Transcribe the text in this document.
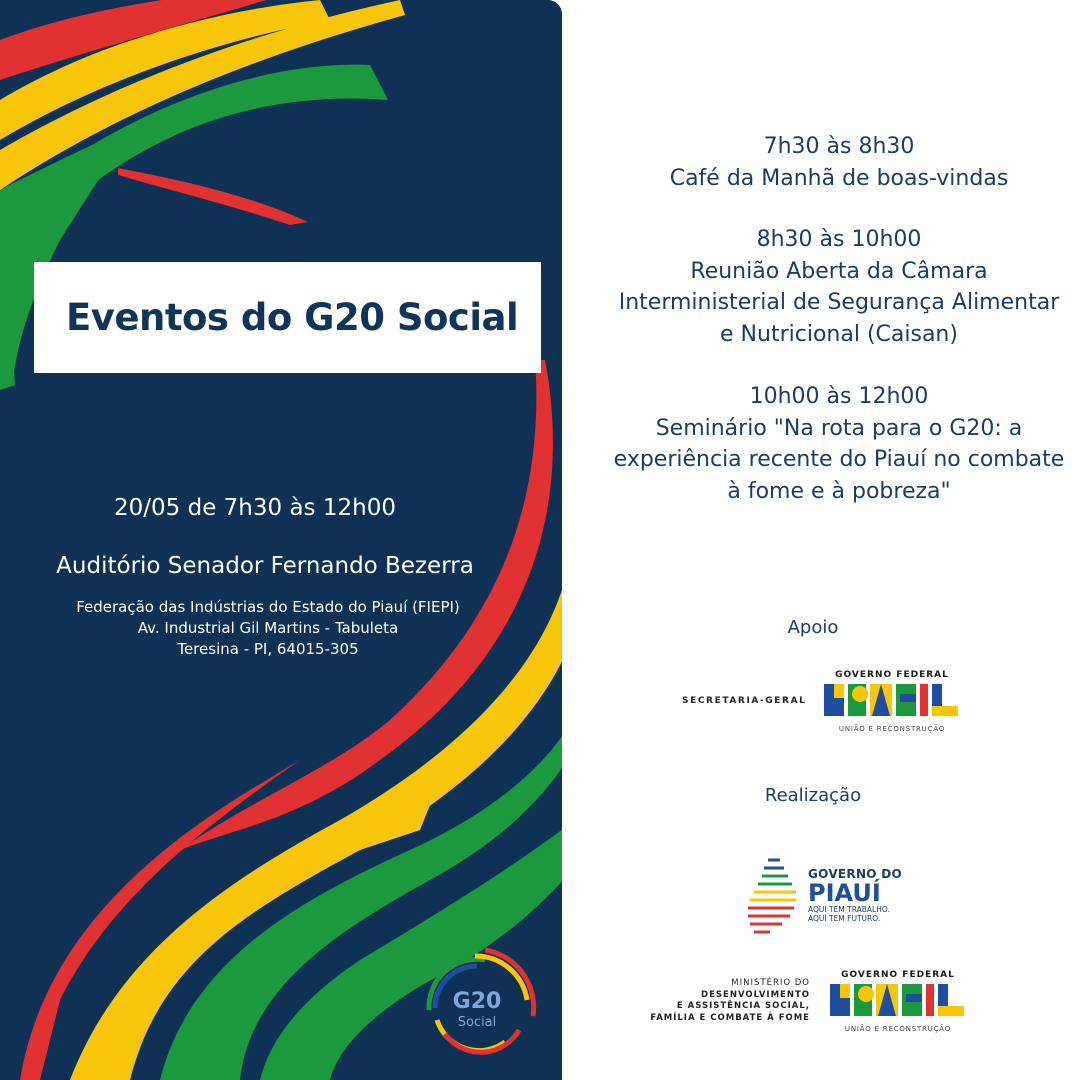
Eventos do G20 Social
20/05 de 7h30 às 12h00
Auditório Senador Fernando Bezerra
Federação das Indústrias do Estado do Piauí (FIEPI)
Av. Industrial Gil Martins - Tabuleta
Teresina - PI, 64015-305
G20
Social
7h30 às 8h30
Café da Manhã de boas-vindas
8h30 às 10h00
Reunião Aberta da Câmara
Interministerial de Segurança Alimentar
e Nutricional (Caisan)
10h00 às 12h00
Seminário "Na rota para o G20: a
experiência recente do Piauí no combate
à fome e à pobreza"
Apoio
SECRETARIA-GERAL
GOVERNO FEDERAL
UNIÃO E RECONSTRUÇÃO
Realização
GOVERNO DO
PIAUÍ
AQUI TEM TRABALHO.
AQUI TEM FUTURO.
MINISTÉRIO DO
DESENVOLVIMENTO
E ASSISTÊNCIA SOCIAL,
FAMÍLIA E COMBATE À FOME
GOVERNO FEDERAL
UNIÃO E RECONSTRUÇÃO
